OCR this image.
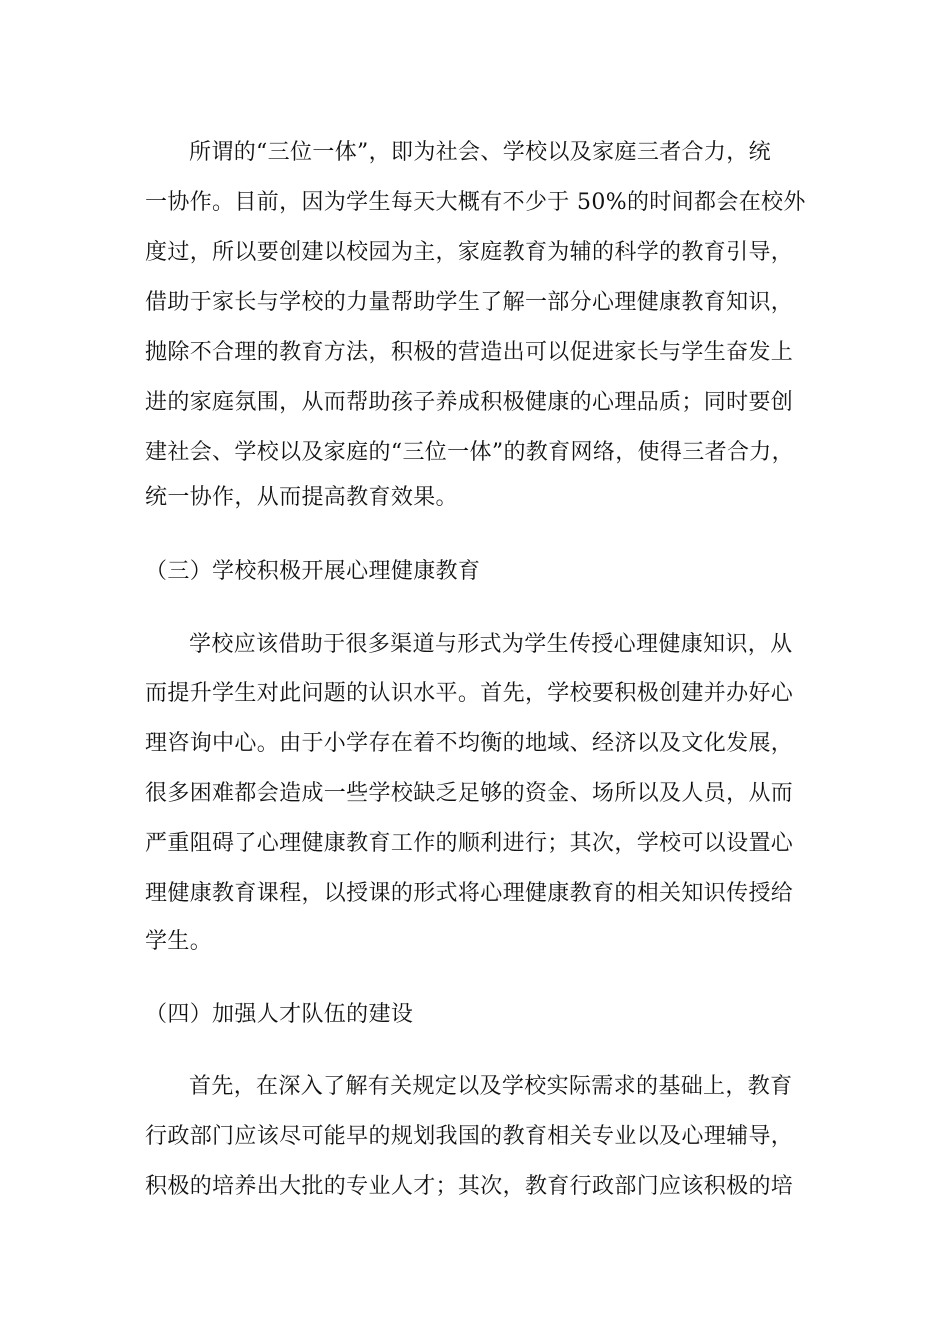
所谓的“三位一体”，即为社会、学校以及家庭三者合力，统
一协作。目前，因为学生每天大概有不少于 50%的时间都会在校外
度过，所以要创建以校园为主，家庭教育为辅的科学的教育引导，
借助于家长与学校的力量帮助学生了解一部分心理健康教育知识，
抛除不合理的教育方法，积极的营造出可以促进家长与学生奋发上
进的家庭氛围，从而帮助孩子养成积极健康的心理品质；同时要创
建社会、学校以及家庭的“三位一体”的教育网络，使得三者合力，
统一协作，从而提高教育效果。
（三）学校积极开展心理健康教育
学校应该借助于很多渠道与形式为学生传授心理健康知识，从
而提升学生对此问题的认识水平。首先，学校要积极创建并办好心
理咨询中心。由于小学存在着不均衡的地域、经济以及文化发展，
很多困难都会造成一些学校缺乏足够的资金、场所以及人员，从而
严重阻碍了心理健康教育工作的顺利进行；其次，学校可以设置心
理健康教育课程，以授课的形式将心理健康教育的相关知识传授给
学生。
（四）加强人才队伍的建设
首先，在深入了解有关规定以及学校实际需求的基础上，教育
行政部门应该尽可能早的规划我国的教育相关专业以及心理辅导，
积极的培养出大批的专业人才；其次，教育行政部门应该积极的培
